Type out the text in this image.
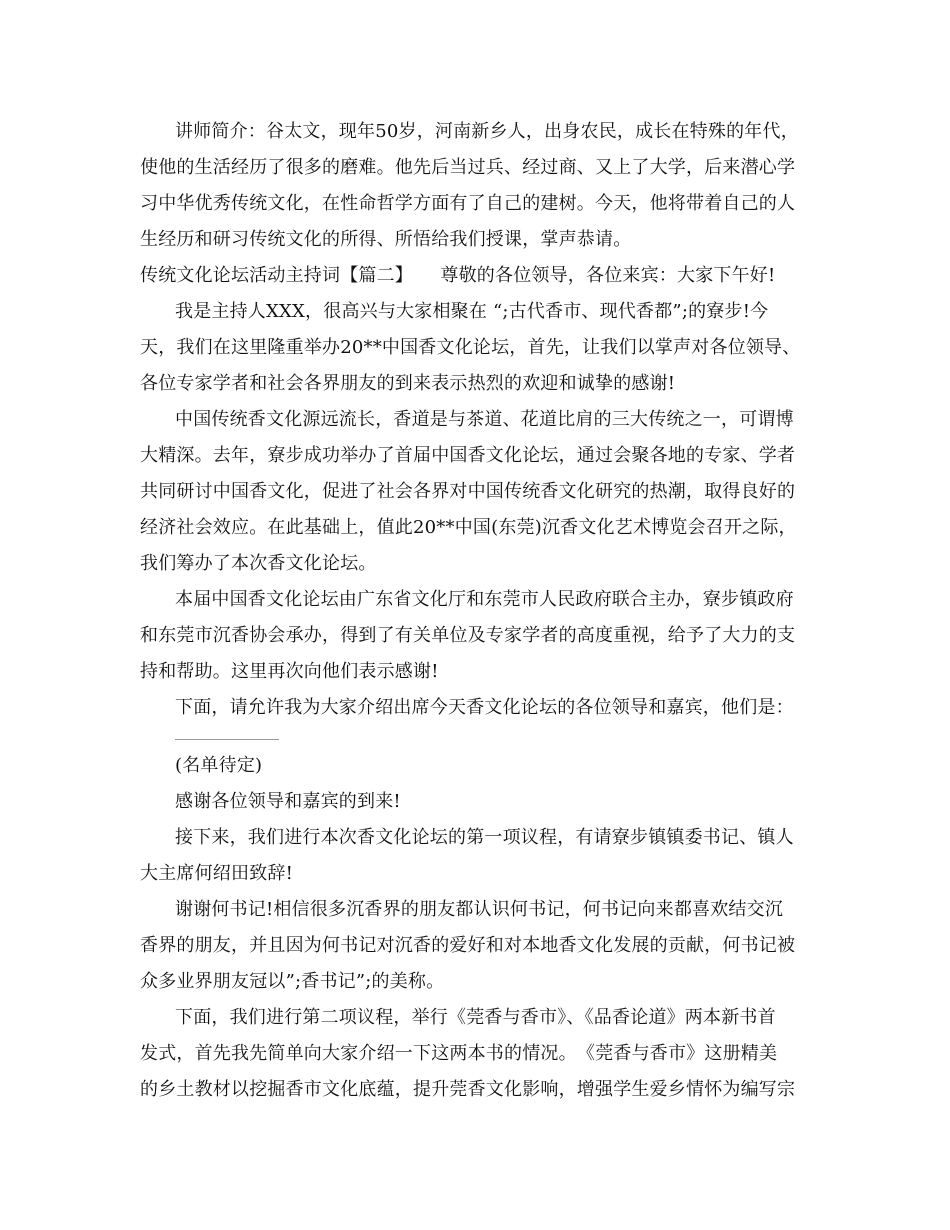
讲师简介：谷太文，现年50岁，河南新乡人，出身农民，成长在特殊的年代，
使他的生活经历了很多的磨难。他先后当过兵、经过商、又上了大学，后来潜心学
习中华优秀传统文化，在性命哲学方面有了自己的建树。今天，他将带着自己的人
生经历和研习传统文化的所得、所悟给我们授课，掌声恭请。
传统文化论坛活动主持词【篇二】　　尊敬的各位领导，各位来宾：大家下午好!
我是主持人XXX，很高兴与大家相聚在 “;古代香市、现代香都”;的寮步!今
天，我们在这里隆重举办20**中国香文化论坛，首先，让我们以掌声对各位领导、
各位专家学者和社会各界朋友的到来表示热烈的欢迎和诚挚的感谢!
中国传统香文化源远流长，香道是与茶道、花道比肩的三大传统之一，可谓博
大精深。去年，寮步成功举办了首届中国香文化论坛，通过会聚各地的专家、学者
共同研讨中国香文化，促进了社会各界对中国传统香文化研究的热潮，取得良好的
经济社会效应。在此基础上，值此20**中国(东莞)沉香文化艺术博览会召开之际，
我们筹办了本次香文化论坛。
本届中国香文化论坛由广东省文化厅和东莞市人民政府联合主办，寮步镇政府
和东莞市沉香协会承办，得到了有关单位及专家学者的高度重视，给予了大力的支
持和帮助。这里再次向他们表示感谢!
下面，请允许我为大家介绍出席今天香文化论坛的各位领导和嘉宾，他们是：
(名单待定)
感谢各位领导和嘉宾的到来!
接下来，我们进行本次香文化论坛的第一项议程，有请寮步镇镇委书记、镇人
大主席何绍田致辞!
谢谢何书记!相信很多沉香界的朋友都认识何书记，何书记向来都喜欢结交沉
香界的朋友，并且因为何书记对沉香的爱好和对本地香文化发展的贡献，何书记被
众多业界朋友冠以”;香书记”;的美称。
下面，我们进行第二项议程，举行《莞香与香市》、《品香论道》两本新书首
发式，首先我先简单向大家介绍一下这两本书的情况。　《莞香与香市》这册精美
的乡土教材以挖掘香市文化底蕴，提升莞香文化影响，增强学生爱乡情怀为编写宗
